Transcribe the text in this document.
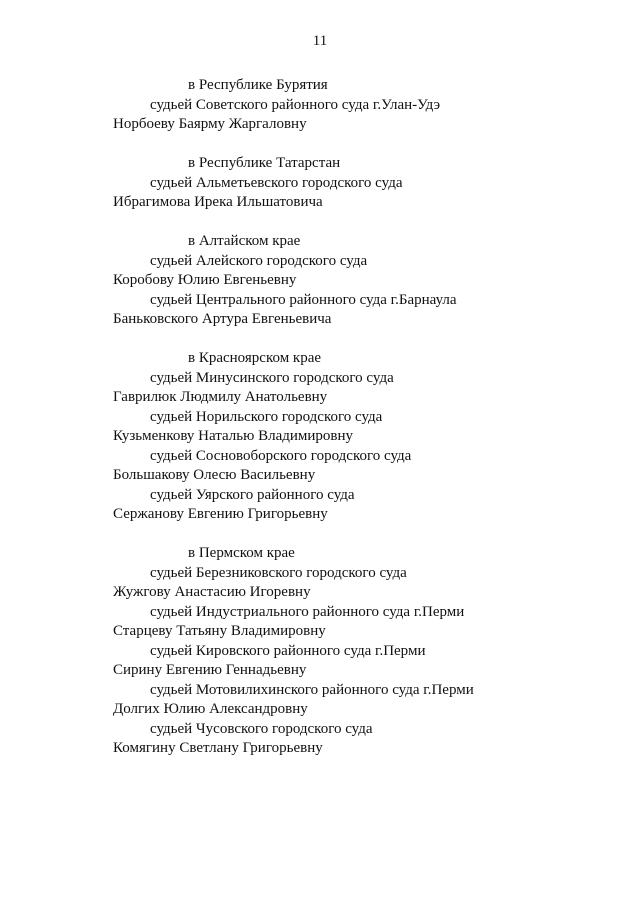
11
в Республике Бурятия
судьей Советского районного суда г.Улан-Удэ
Норбоеву Баярму Жаргаловну
в Республике Татарстан
судьей Альметьевского городского суда
Ибрагимова Ирека Ильшатовича
в Алтайском крае
судьей Алейского городского суда
Коробову Юлию Евгеньевну
судьей Центрального районного суда г.Барнаула
Баньковского Артура Евгеньевича
в Красноярском крае
судьей Минусинского городского суда
Гаврилюк Людмилу Анатольевну
судьей Норильского городского суда
Кузьменкову Наталью Владимировну
судьей Сосновоборского городского суда
Большакову Олесю Васильевну
судьей Уярского районного суда
Сержанову Евгению Григорьевну
в Пермском крае
судьей Березниковского городского суда
Жужгову Анастасию Игоревну
судьей Индустриального районного суда г.Перми
Старцеву Татьяну Владимировну
судьей Кировского районного суда г.Перми
Сирину Евгению Геннадьевну
судьей Мотовилихинского районного суда г.Перми
Долгих Юлию Александровну
судьей Чусовского городского суда
Комягину Светлану Григорьевну
